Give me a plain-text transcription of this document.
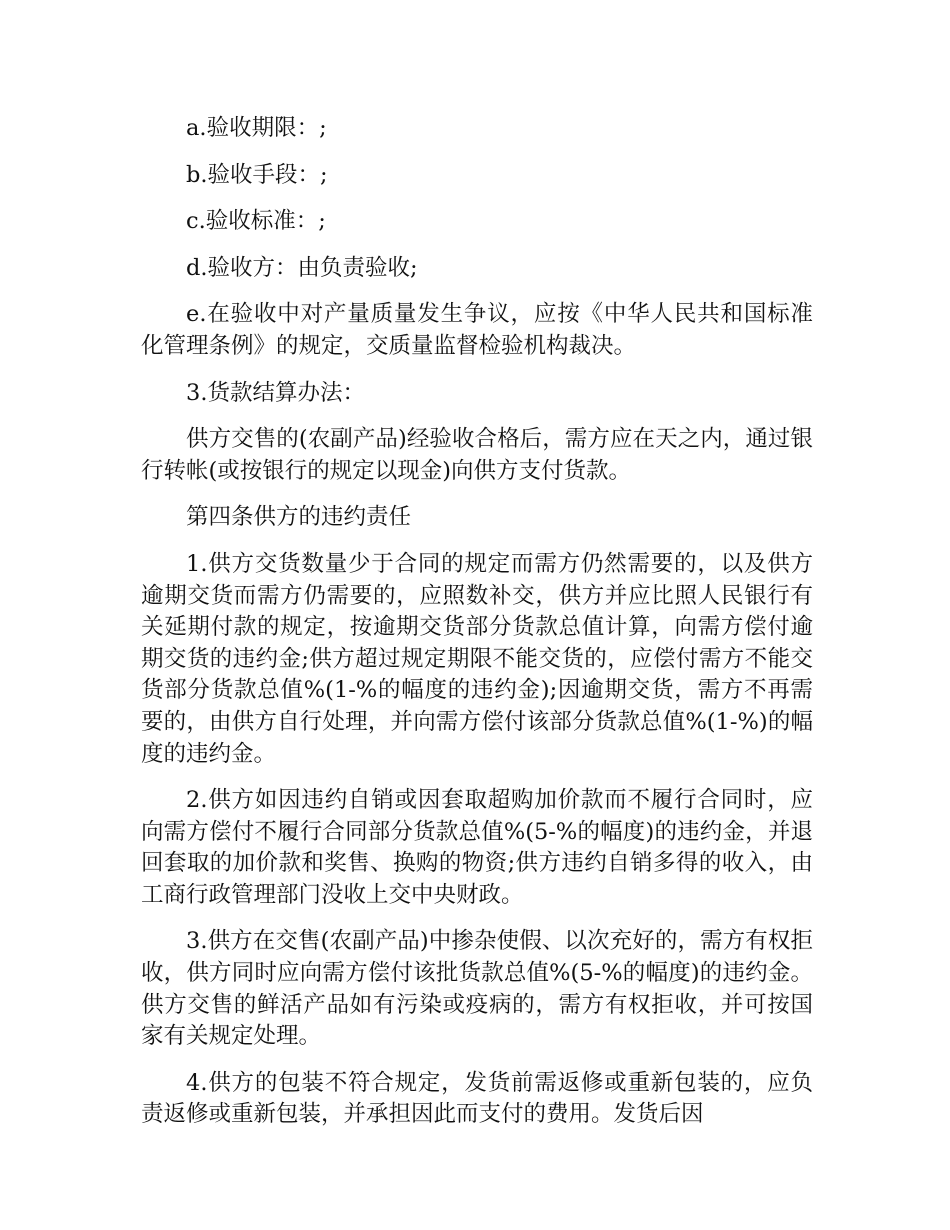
a.验收期限：;

b.验收手段：;

c.验收标准：;

d.验收方：由负责验收;

e.在验收中对产量质量发生争议，应按《中华人民共和国标准化管理条例》的规定，交质量监督检验机构裁决。

3.货款结算办法：

供方交售的(农副产品)经验收合格后，需方应在天之内，通过银行转帐(或按银行的规定以现金)向供方支付货款。

第四条供方的违约责任

1.供方交货数量少于合同的规定而需方仍然需要的，以及供方逾期交货而需方仍需要的，应照数补交，供方并应比照人民银行有关延期付款的规定，按逾期交货部分货款总值计算，向需方偿付逾期交货的违约金;供方超过规定期限不能交货的，应偿付需方不能交货部分货款总值%(1-%的幅度的违约金);因逾期交货，需方不再需要的，由供方自行处理，并向需方偿付该部分货款总值%(1-%)的幅度的违约金。

2.供方如因违约自销或因套取超购加价款而不履行合同时，应向需方偿付不履行合同部分货款总值%(5-%的幅度)的违约金，并退回套取的加价款和奖售、换购的物资;供方违约自销多得的收入，由工商行政管理部门没收上交中央财政。

3.供方在交售(农副产品)中掺杂使假、以次充好的，需方有权拒收，供方同时应向需方偿付该批货款总值%(5-%的幅度)的违约金。供方交售的鲜活产品如有污染或疫病的，需方有权拒收，并可按国家有关规定处理。

4.供方的包装不符合规定，发货前需返修或重新包装的，应负责返修或重新包装，并承担因此而支付的费用。发货后因
